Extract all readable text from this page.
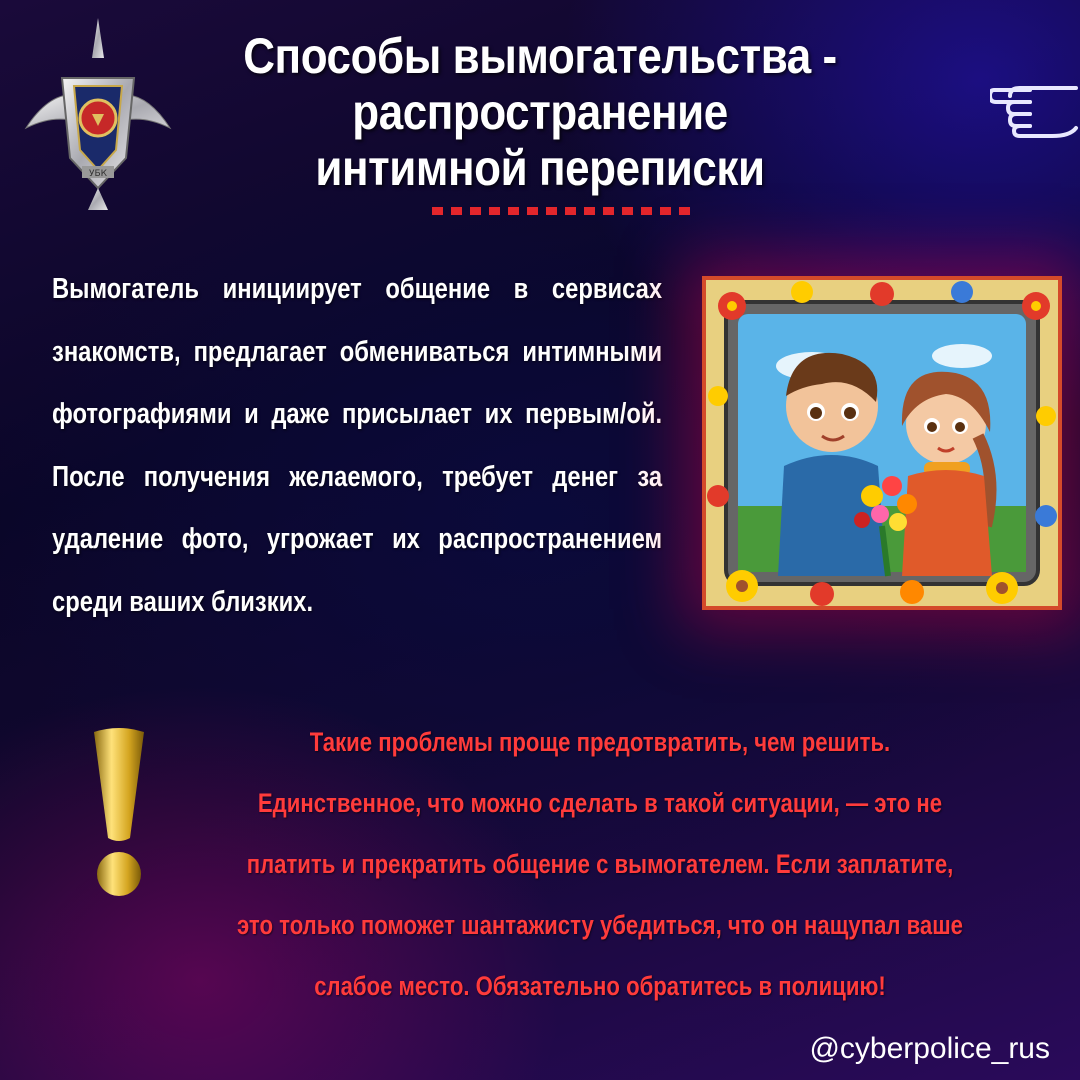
УБК
Способы вымогательства - распространение интимной переписки
Вымогатель инициирует общение в сервисах знакомств, предлагает обмениваться интимными фотографиями и даже присылает их первым/ой. После получения желаемого, требует денег за удаление фото, угрожает их распространением среди ваших близких.
Такие проблемы проще предотвратить, чем решить. Единственное, что можно сделать в такой ситуации, — это не платить и прекратить общение с вымогателем. Если заплатите, это только поможет шантажисту убедиться, что он нащупал ваше слабое место. Обязательно обратитесь в полицию!
@cyberpolice_rus
